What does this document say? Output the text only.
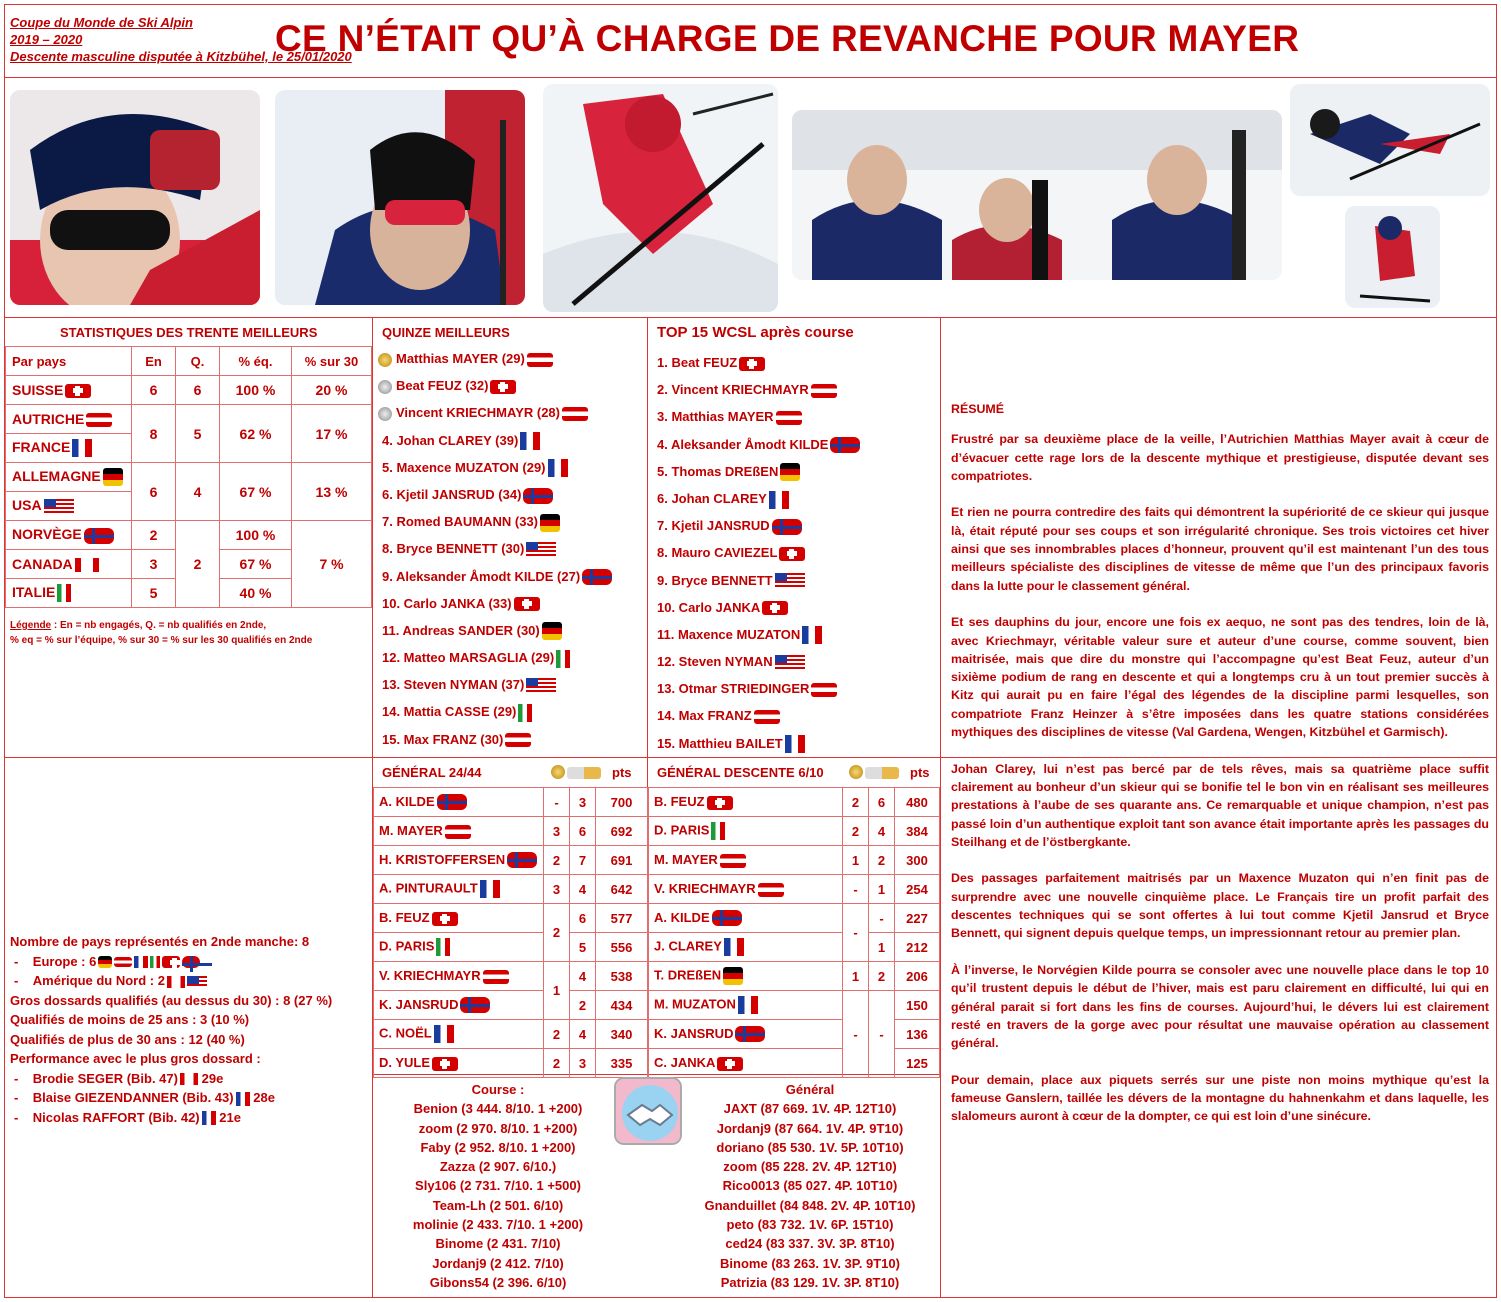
Coupe du Monde de Ski Alpin
2019 – 2020
Descente masculine disputée à Kitzbühel, le 25/01/2020
CE N’ÉTAIT QU’À CHARGE DE REVANCHE POUR MAYER
STATISTIQUES DES TRENTE MEILLEURS
Par pays	En	Q.	% éq.	% sur 30
SUISSE	6	6	100 %	20 %
AUTRICHE	8	5	62 %	17 %
FRANCE				
ALLEMAGNE	6	4	67 %	13 %
USA				
NORVÈGE	2	2	100 %	7 %
CANADA	3		67 %	
ITALIE	5		40 %	
Légende : En = nb engagés, Q. = nb qualifiés en 2nde,
% eq = % sur l’équipe, % sur 30 = % sur les 30 qualifiés en 2nde
QUINZE MEILLEURS
Matthias MAYER (29)
Beat FEUZ (32)
Vincent KRIECHMAYR (28)
4. Johan CLAREY (39)
5. Maxence MUZATON (29)
6. Kjetil JANSRUD (34)
7. Romed BAUMANN (33)
8. Bryce BENNETT (30)
9. Aleksander Åmodt KILDE (27)
10. Carlo JANKA (33)
11. Andreas SANDER (30)
12. Matteo MARSAGLIA (29)
13. Steven NYMAN (37)
14. Mattia CASSE (29)
15. Max FRANZ (30)
TOP 15 WCSL après course
1. Beat FEUZ
2. Vincent KRIECHMAYR
3. Matthias MAYER
4. Aleksander Åmodt KILDE
5. Thomas DREßEN
6. Johan CLAREY
7. Kjetil JANSRUD
8. Mauro CAVIEZEL
9. Bryce BENNETT
10. Carlo JANKA
11. Maxence MUZATON
12. Steven NYMAN
13. Otmar STRIEDINGER
14. Max FRANZ
15. Matthieu BAILET
GÉNÉRAL 24/44	pts
A. KILDE	-	3	700
M. MAYER	3	6	692
H. KRISTOFFERSEN	2	7	691
A. PINTURAULT	3	4	642
B. FEUZ	2	6	577
D. PARIS		5	556
V. KRIECHMAYR	1	4	538
K. JANSRUD		2	434
C. NOËL	2	4	340
D. YULE	2	3	335
GÉNÉRAL DESCENTE 6/10	pts
B. FEUZ	2	6	480
D. PARIS	2	4	384
M. MAYER	1	2	300
V. KRIECHMAYR	-	1	254
A. KILDE	-	-	227
J. CLAREY		1	212
T. DREßEN	1	2	206
M. MUZATON	-	-	150
K. JANSRUD			136
C. JANKA			125
Nombre de pays représentés en 2nde manche: 8
-    Europe : 6
-    Amérique du Nord : 2
Gros dossards qualifiés (au dessus du 30) : 8 (27 %)
Qualifiés de moins de 25 ans : 3 (10 %)
Qualifiés de plus de 30 ans : 12 (40 %)
Performance avec le plus gros dossard :
-    Brodie SEGER (Bib. 47) 29e
-    Blaise GIEZENDANNER (Bib. 43) 28e
-    Nicolas RAFFORT (Bib. 42) 21e
Course :
Benion (3 444. 8/10. 1 +200)
zoom (2 970. 8/10. 1 +200)
Faby (2 952. 8/10. 1 +200)
Zazza (2 907. 6/10.)
Sly106 (2 731. 7/10. 1 +500)
Team-Lh (2 501. 6/10)
molinie (2 433. 7/10. 1 +200)
Binome (2 431. 7/10)
Jordanj9 (2 412. 7/10)
Gibons54 (2 396. 6/10)
Général
JAXT (87 669. 1V. 4P. 12T10)
Jordanj9 (87 664. 1V. 4P. 9T10)
doriano (85 530. 1V. 5P. 10T10)
zoom (85 228. 2V. 4P. 12T10)
Rico0013 (85 027. 4P. 10T10)
Gnanduillet (84 848. 2V. 4P. 10T10)
peto (83 732. 1V. 6P. 15T10)
ced24 (83 337. 3V. 3P. 8T10)
Binome (83 263. 1V. 3P. 9T10)
Patrizia (83 129. 1V. 3P. 8T10)

RÉSUMÉ

Frustré par sa deuxième place de la veille, l’Autrichien Matthias Mayer avait à cœur de d’évacuer cette rage lors de la descente mythique et prestigieuse, disputée devant ses compatriotes.

Et rien ne pourra contredire des faits qui démontrent la supériorité de ce skieur qui jusque là, était réputé pour ses coups et son irrégularité chronique. Ses trois victoires cet hiver ainsi que ses innombrables places d’honneur, prouvent qu’il est maintenant l’un des tous meilleurs spécialiste des disciplines de vitesse de même que l’un des principaux favoris dans la lutte pour le classement général.

Et ses dauphins du jour, encore une fois ex aequo, ne sont pas des tendres, loin de là, avec Kriechmayr, véritable valeur sure et auteur d’une course, comme souvent, bien maitrisée, mais que dire du monstre qui l’accompagne qu’est Beat Feuz, auteur d’un sixième podium de rang en descente et qui a longtemps cru à un tout premier succès à Kitz qui aurait pu en faire l’égal des légendes de la discipline parmi lesquelles, son compatriote Franz Heinzer à s’être imposées dans les quatre stations considérées mythiques des disciplines de vitesse (Val Gardena, Wengen, Kitzbühel et Garmisch).

Johan Clarey, lui n’est pas bercé par de tels rêves, mais sa quatrième place suffit clairement au bonheur d’un skieur qui se bonifie tel le bon vin en réalisant ses meilleures prestations à l’aube de ses quarante ans. Ce remarquable et unique champion, n’est pas passé loin d’un authentique exploit tant son avance était importante après les passages du Steilhang et de l’östbergkante.

Des passages parfaitement maitrisés par un Maxence Muzaton qui n’en finit pas de surprendre avec une nouvelle cinquième place. Le Français tire un profit parfait des descentes techniques qui se sont offertes à lui tout comme Kjetil Jansrud et Bryce Bennett, qui signent depuis quelque temps, un impressionnant retour au premier plan.

À l’inverse, le Norvégien Kilde pourra se consoler avec une nouvelle place dans le top 10 qu’il trustent depuis le début de l’hiver, mais est paru clairement en difficulté, lui qui en général parait si fort dans les fins de courses. Aujourd’hui, le dévers lui est clairement resté en travers de la gorge avec pour résultat une mauvaise opération au classement général.

Pour demain, place aux piquets serrés sur une piste non moins mythique qu’est la fameuse Ganslern, taillée les dévers de la montagne du hahnenkahm et dans laquelle, les slalomeurs auront à cœur de la dompter, ce qui est loin d’une sinécure.
